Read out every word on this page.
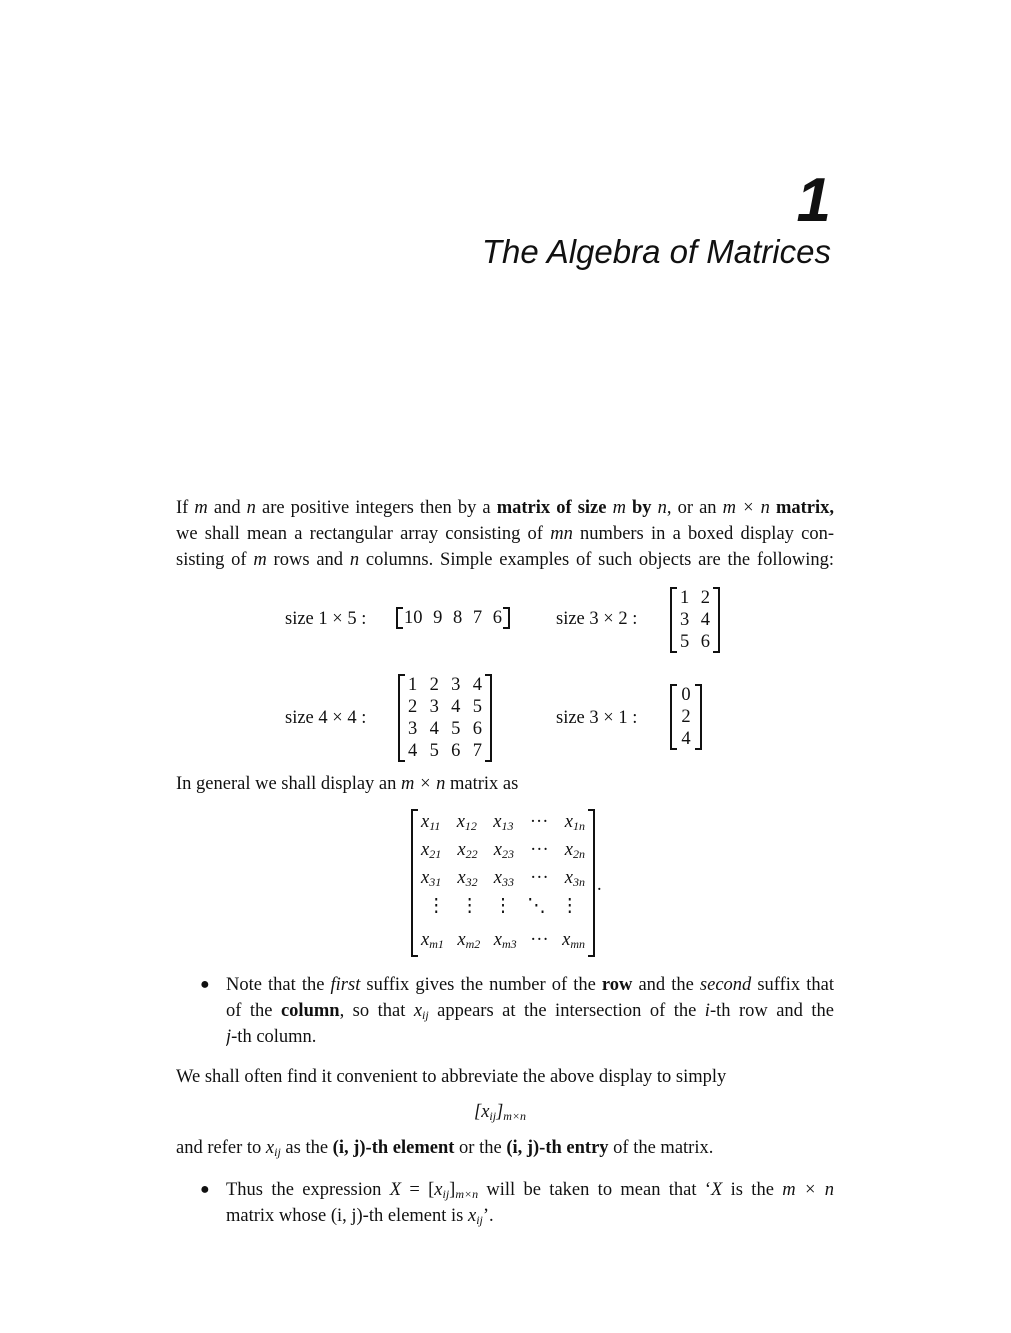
1
The Algebra of Matrices
If m and n are positive integers then by a matrix of size m by n, or an m × n matrix,
we shall mean a rectangular array consisting of mn numbers in a boxed display con-
sisting of m rows and n columns. Simple examples of such objects are the following:
size 1 × 5 : 10 9 8 7 6	size 3 × 2 :
1 2
3 4
5 6
size 4 × 4 :
1 2 3 4
2 3 4 5
3 4 5 6
4 5 6 7
size 3 × 1 :
0
2
4
In general we shall display an m × n matrix as
$x_{11}$ $x_{12}$ $x_{13}$ ··· $x_{1n}$
$x_{21}$ $x_{22}$ $x_{23}$ ··· $x_{2n}$
$x_{31}$ $x_{32}$ $x_{33}$ ··· $x_{3n}$
⋮ ⋮ ⋮ ⋱ ⋮
$x_{m1}$ $x_{m2}$ $x_{m3}$ ··· $x_{mn}$
.
● Note that the first suffix gives the number of the row and the second suffix that
of the column, so that $x_{ij}$ appears at the intersection of the i-th row and the
j-th column.
We shall often find it convenient to abbreviate the above display to simply
$[x_{ij}]_{m\times n}$
and refer to $x_{ij}$ as the (i, j)-th element or the (i, j)-th entry of the matrix.
● Thus the expression $X = [x_{ij}]_{m\times n}$ will be taken to mean that ‘X is the m × n
matrix whose (i, j)-th element is $x_{ij}$’.
